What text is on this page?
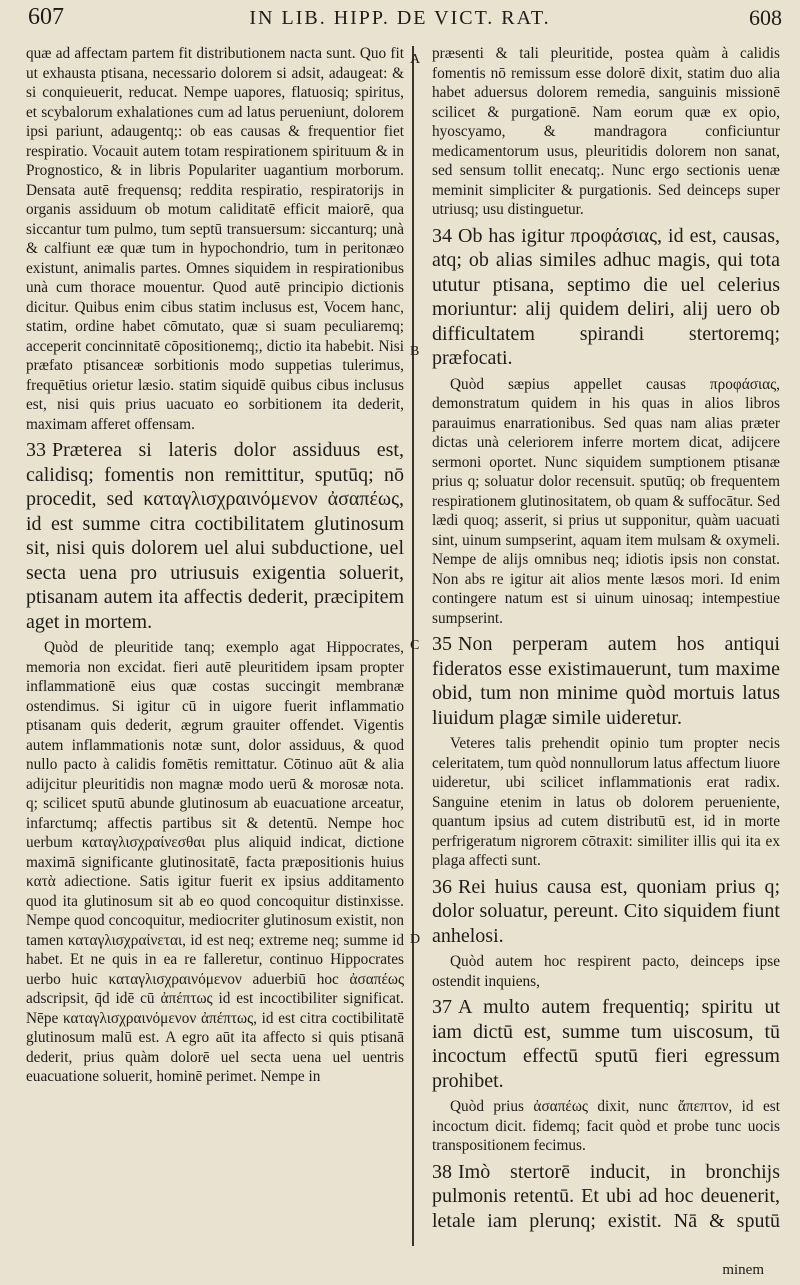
607	IN LIB. HIPP. DE VICT. RAT.	608
A
B
C
D

quæ ad affectam partem fit distributionem nacta sunt. Quo fit ut exhausta ptisana, necessario dolorem si adsit, adaugeat: & si conquieuerit, reducat. Nempe uapores, flatuosiq; spiritus, et scybalorum exhalationes cum ad latus perueniunt, dolorem ipsi pariunt, adaugentq;: ob eas causas & frequentior fiet respiratio. Vocauit autem totam respirationem spirituum & in Prognostico, & in libris Populariter uagantium morborum. Densata autē frequensq; reddita respiratio, respiratorijs in organis assiduum ob motum caliditatē efficit maiorē, qua siccantur tum pulmo, tum septū transuersum: siccanturq; unà & calfiunt eæ quæ tum in hypochondrio, tum in peritonæo existunt, animalis partes. Omnes siquidem in respirationibus unà cum thorace mouentur. Quod autē principio dictionis dicitur. Quibus enim cibus statim inclusus est, Vocem hanc, statim, ordine habet cōmutato, quæ si suam peculiaremq; acceperit concinnitatē cōpositionemq;, dictio ita habebit. Nisi præfato ptisanceæ sorbitionis modo suppetias tulerimus, frequētius orietur læsio. statim siquidē quibus cibus inclusus est, nisi quis prius uacuato eo sorbitionem ita dederit, maximam afferet offensam.

33 Præterea si lateris dolor assiduus est, calidisq; fomentis non remittitur, sputūq; nō procedit, sed καταγλισχραινόμενον ἀσαπέως, id est summe citra coctibilitatem glutinosum sit, nisi quis dolorem uel alui subductione, uel secta uena pro utriusuis exigentia soluerit, ptisanam autem ita affectis dederit, præcipitem aget in mortem.

Quòd de pleuritide tanq; exemplo agat Hippocrates, memoria non excidat. fieri autē pleuritidem ipsam propter inflammationē eius quæ costas succingit membranæ ostendimus. Si igitur cū in uigore fuerit inflammatio ptisanam quis dederit, ægrum grauiter offendet. Vigentis autem inflammationis notæ sunt, dolor assiduus, & quod nullo pacto à calidis fomētis remittatur. Cōtinuo aūt & alia adijcitur pleuritidis non magnæ modo uerū & morosæ nota. q; scilicet sputū abunde glutinosum ab euacuatione arceatur, infarctumq; affectis partibus sit & detentū. Nempe hoc uerbum καταγλισχραίνεσθαι plus aliquid indicat, dictione maximā significante glutinositatē, facta præpositionis huius κατὰ adiectione. Satis igitur fuerit ex ipsius additamento quod ita glutinosum sit ab eo quod concoquitur distinxisse. Nempe quod concoquitur, mediocriter glutinosum existit, non tamen καταγλισχραίνεται, id est neq; extreme neq; summe id habet. Et ne quis in ea re falleretur, continuo Hippocrates uerbo huic καταγλισχραινόμενον aduerbiū hoc ἀσαπέως adscripsit, q̄d idē cū ἀπέπτως id est incoctibiliter significat. Nēpe καταγλισχραινόμενον ἀπέπτως, id est citra coctibilitatē glutinosum malū est. A egro aūt ita affecto si quis ptisanā dederit, prius quàm dolorē uel secta uena uel uentris euacuatione soluerit, hominē perimet. Nempe in

præsenti & tali pleuritide, postea quàm à calidis fomentis nō remissum esse dolorē dixit, statim duo alia habet aduersus dolorem remedia, sanguinis missionē scilicet & purgationē. Nam eorum quæ ex opio, hyoscyamo, & mandragora conficiuntur medicamentorum usus, pleuritidis dolorem non sanat, sed sensum tollit enecatq;. Nunc ergo sectionis uenæ meminit simpliciter & purgationis. Sed deinceps super utriusq; usu distinguetur.

34 Ob has igitur προφάσιας, id est, causas, atq; ob alias similes adhuc magis, qui tota ututur ptisana, septimo die uel celerius moriuntur: alij quidem deliri, alij uero ob difficultatem spirandi stertoremq; præfocati.

Quòd sæpius appellet causas προφάσιας, demonstratum quidem in his quas in alios libros parauimus enarrationibus. Sed quas nam alias præter dictas unà celeriorem inferre mortem dicat, adijcere sermoni oportet. Nunc siquidem sumptionem ptisanæ prius q; soluatur dolor recensuit. sputūq; ob frequentem respirationem glutinositatem, ob quam & suffocātur. Sed lædi quoq; asserit, si prius ut supponitur, quàm uacuati sint, uinum sumpserint, aquam item mulsam & oxymeli. Nempe de alijs omnibus neq; idiotis ipsis non constat. Non abs re igitur ait alios mente læsos mori. Id enim contingere natum est si uinum uinosaq; intempestiue sumpserint.

35 Non perperam autem hos antiqui fideratos esse existimauerunt, tum maxime obid, tum non minime quòd mortuis latus liuidum plagæ simile uideretur.

Veteres talis prehendit opinio tum propter necis celeritatem, tum quòd nonnullorum latus affectum liuore uideretur, ubi scilicet inflammationis erat radix. Sanguine etenim in latus ob dolorem perueniente, quantum ipsius ad cutem distributū est, id in morte perfrigeratum nigrorem cōtraxit: similiter illis qui ita ex plaga affecti sunt.

36 Rei huius causa est, quoniam prius q; dolor soluatur, pereunt. Cito siquidem fiunt anhelosi.

Quòd autem hoc respirent pacto, deinceps ipse ostendit inquiens,

37 A multo autem frequentiq; spiritu ut iam dictū est, summe tum uiscosum, tū incoctum effectū sputū fieri egressum prohibet.

Quòd prius ἀσαπέως dixit, nunc ἄπεπτον, id est incoctum dicit. fidemq; facit quòd et probe tunc uocis transpositionem fecimus.

38 Imò stertorē inducit, in bronchijs pulmonis retentū. Et ubi ad hoc deuenerit, letale iam plerunq; existit. Nā & sputū

minem
